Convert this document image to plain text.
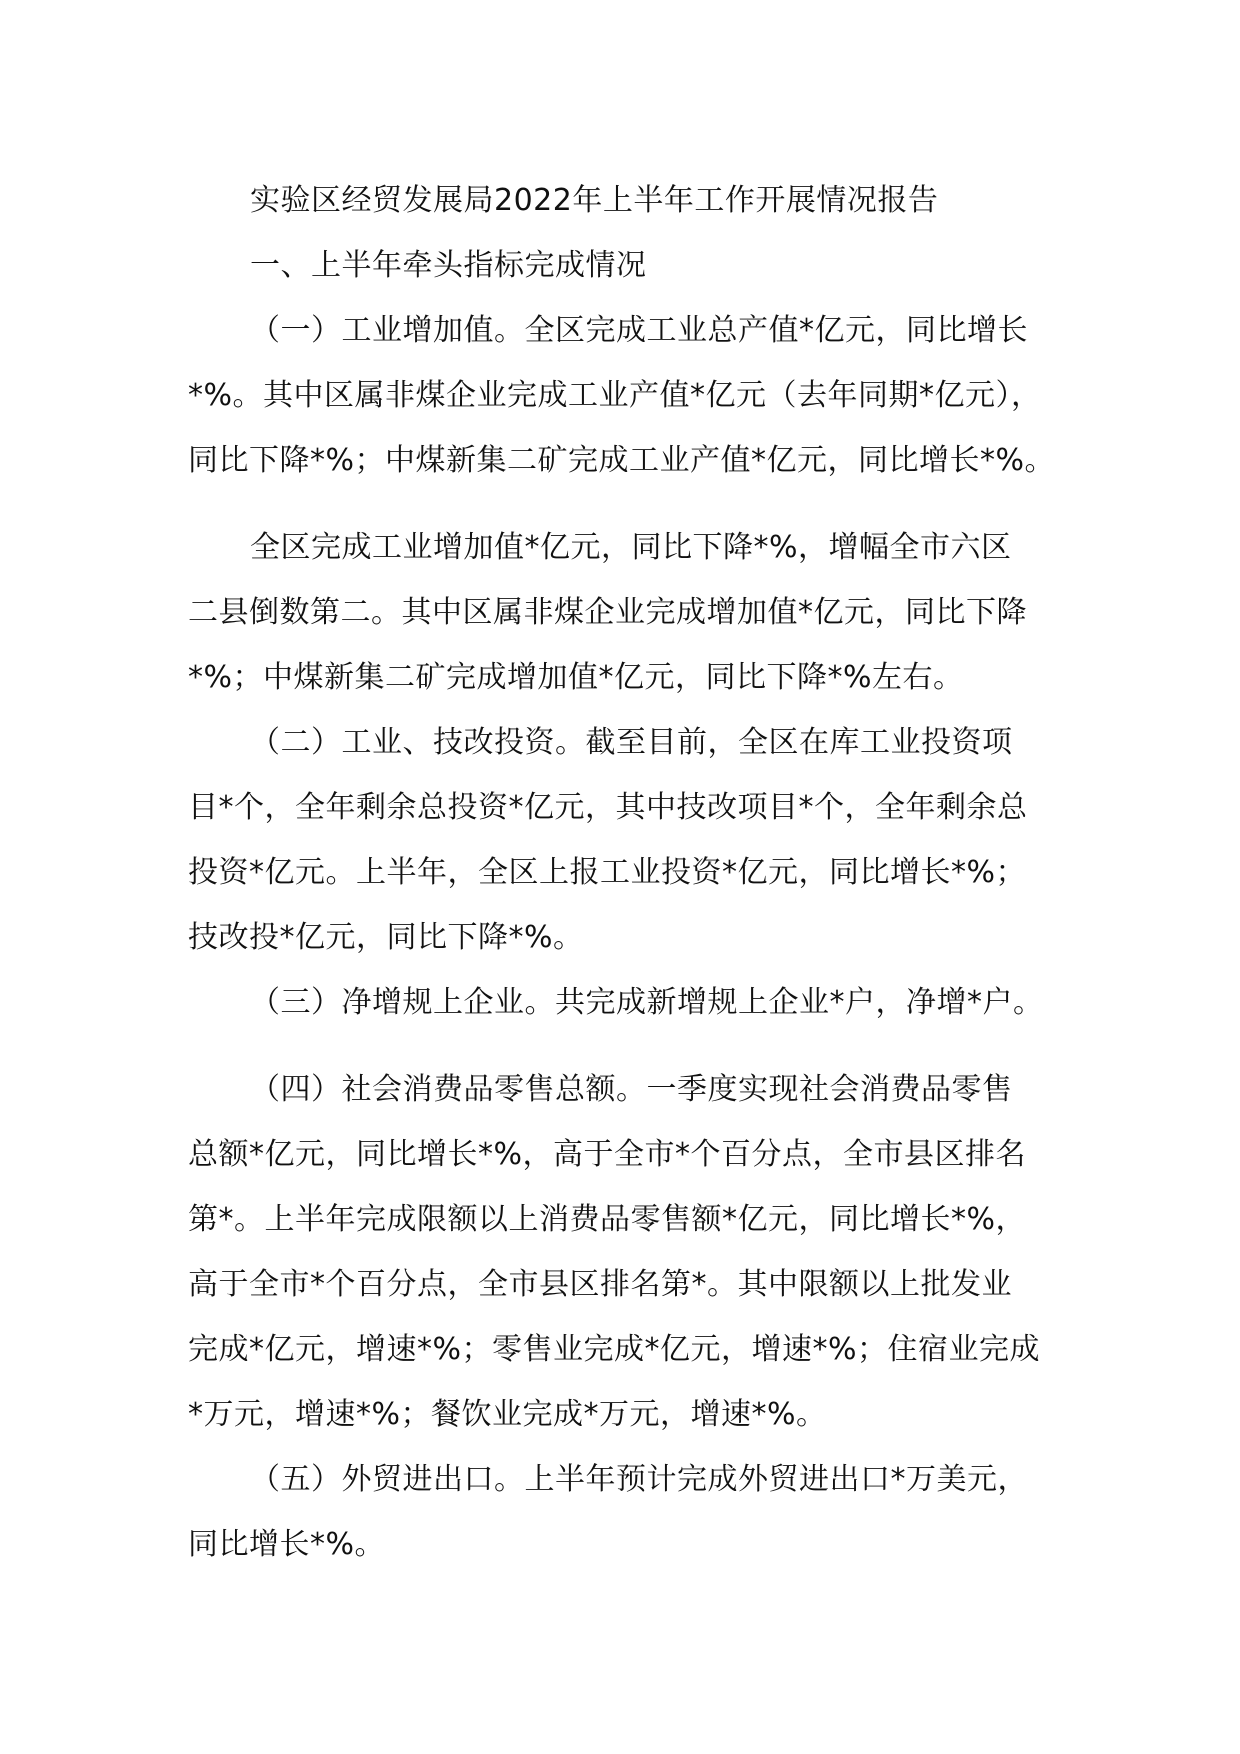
实验区经贸发展局2022年上半年工作开展情况报告
一、上半年牵头指标完成情况
（一）工业增加值。全区完成工业总产值*亿元，同比增长
*%。其中区属非煤企业完成工业产值*亿元（去年同期*亿元），
同比下降*%；中煤新集二矿完成工业产值*亿元，同比增长*%。
全区完成工业增加值*亿元，同比下降*%，增幅全市六区
二县倒数第二。其中区属非煤企业完成增加值*亿元，同比下降
*%；中煤新集二矿完成增加值*亿元，同比下降*%左右。
（二）工业、技改投资。截至目前，全区在库工业投资项
目*个，全年剩余总投资*亿元，其中技改项目*个，全年剩余总
投资*亿元。上半年，全区上报工业投资*亿元，同比增长*%；
技改投*亿元，同比下降*%。
（三）净增规上企业。共完成新增规上企业*户，净增*户。
（四）社会消费品零售总额。一季度实现社会消费品零售
总额*亿元，同比增长*%，高于全市*个百分点，全市县区排名
第*。上半年完成限额以上消费品零售额*亿元，同比增长*%，
高于全市*个百分点，全市县区排名第*。其中限额以上批发业
完成*亿元，增速*%；零售业完成*亿元，增速*%；住宿业完成
*万元，增速*%；餐饮业完成*万元，增速*%。
（五）外贸进出口。上半年预计完成外贸进出口*万美元，
同比增长*%。
